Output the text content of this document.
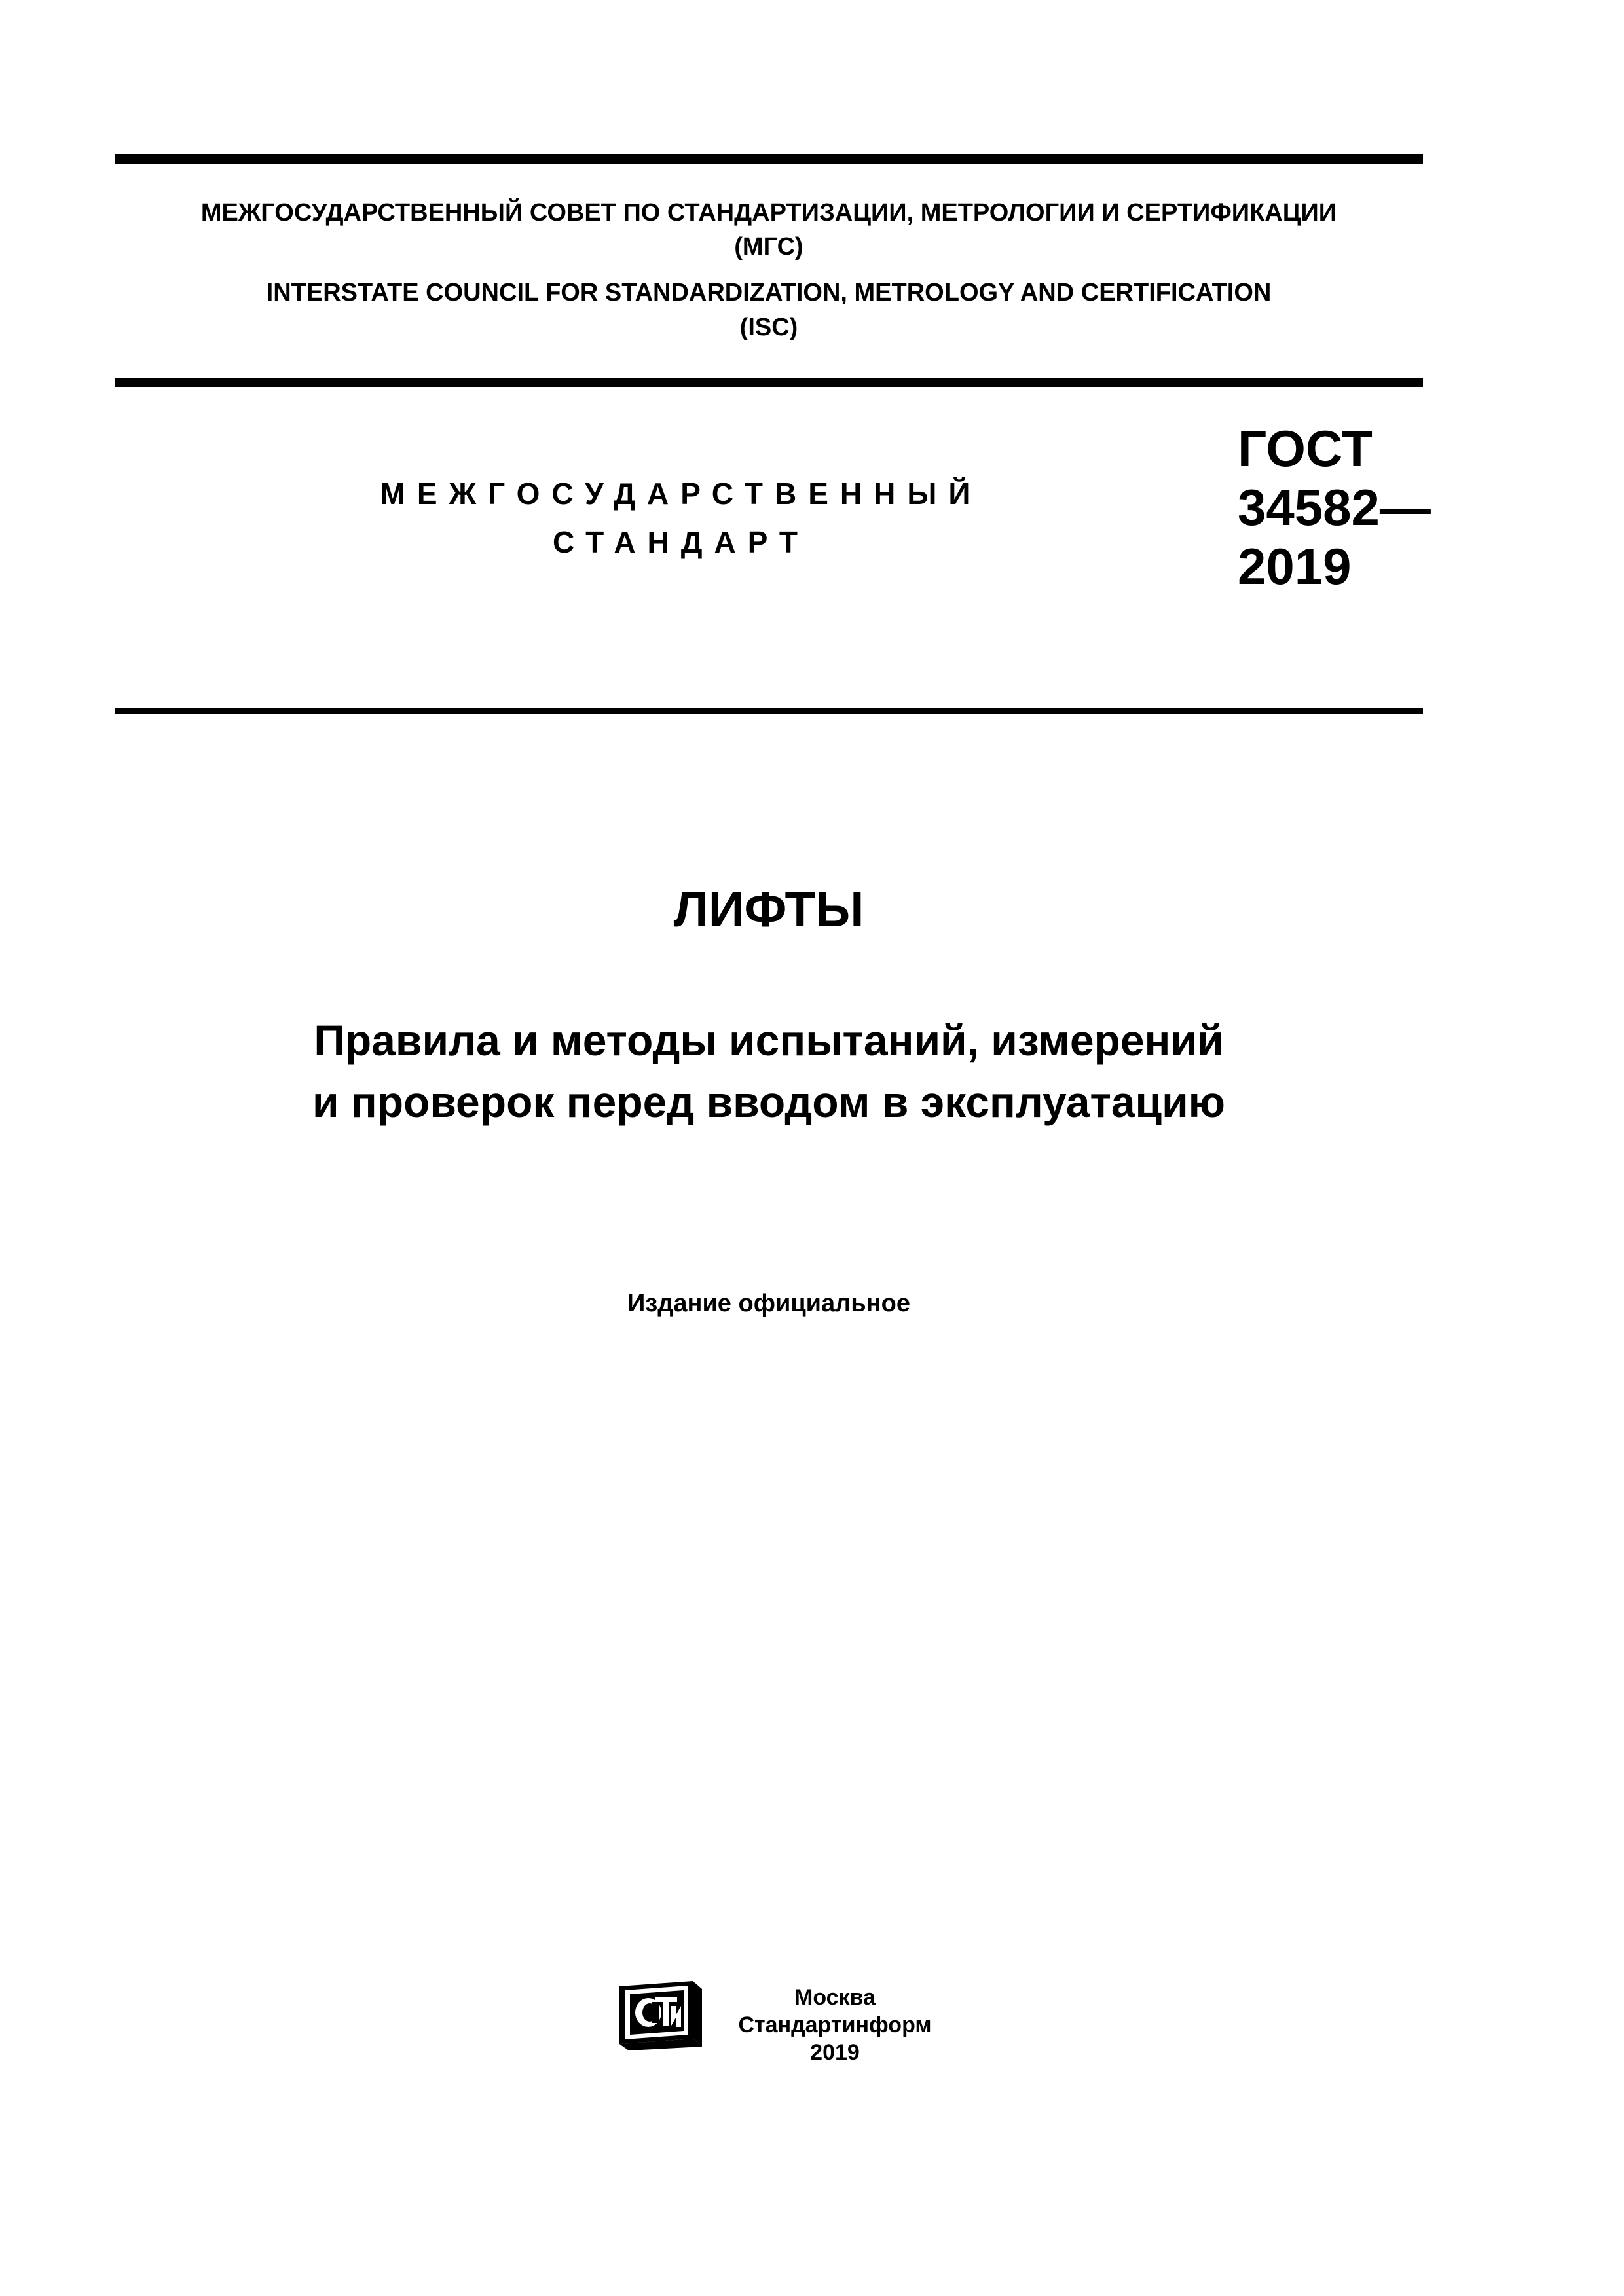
МЕЖГОСУДАРСТВЕННЫЙ СОВЕТ ПО СТАНДАРТИЗАЦИИ, МЕТРОЛОГИИ И СЕРТИФИКАЦИИ
(МГС)
INTERSTATE COUNCIL FOR STANDARDIZATION, METROLOGY AND CERTIFICATION
(ISC)
МЕЖГОСУДАРСТВЕННЫЙ
СТАНДАРТ
ГОСТ
34582—
2019
ЛИФТЫ
Правила и методы испытаний, измерений
и проверок перед вводом в эксплуатацию
Издание официальное
Москва
Стандартинформ
2019
